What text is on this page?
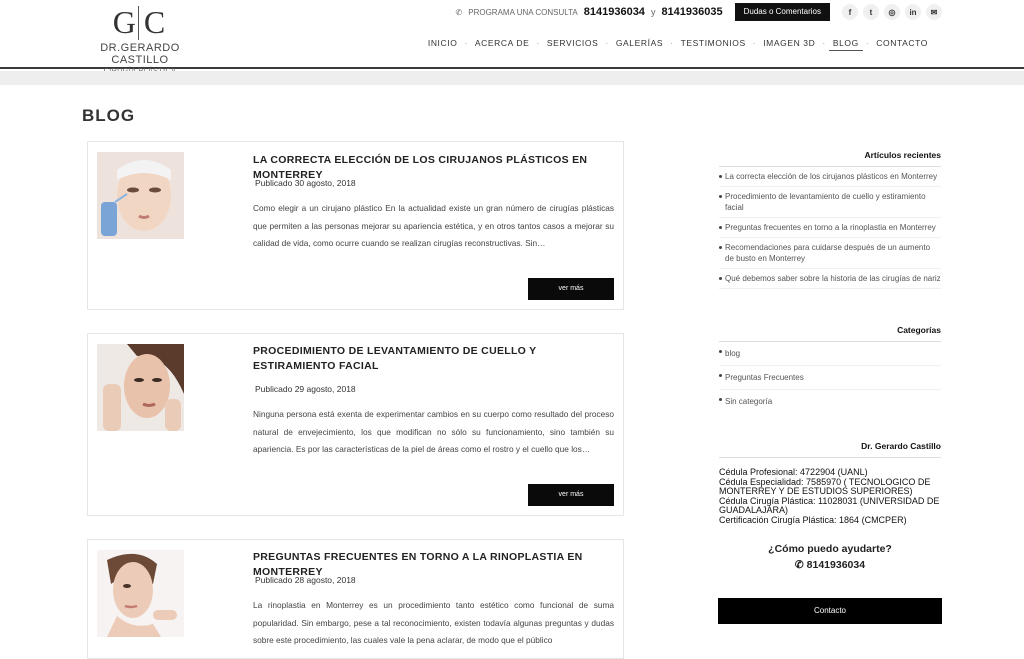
G C
DR.GERARDO CASTILLO
✆ PROGRAMA UNA CONSULTA 8141936034 y 8141936035	Dudas o Comentarios	f	t	◎	in	✉
INICIO · ACERCA DE · SERVICIOS · GALERÍAS · TESTIMONIOS · IMAGEN 3D · BLOG · CONTACTO
BLOG
LA CORRECTA ELECCIÓN DE LOS CIRUJANOS PLÁSTICOS EN MONTERREY
Publicado 30 agosto, 2018
Como elegir a un cirujano plástico En la actualidad existe un gran número de cirugías plásticas que permiten a las personas mejorar su apariencia estética, y en otros tantos casos a mejorar su calidad de vida, como ocurre cuando se realizan cirugías reconstructivas. Sin…
ver más
PROCEDIMIENTO DE LEVANTAMIENTO DE CUELLO Y ESTIRAMIENTO FACIAL
Publicado 29 agosto, 2018
Ninguna persona está exenta de experimentar cambios en su cuerpo como resultado del proceso natural de envejecimiento, los que modifican no sólo su funcionamiento, sino también su apariencia. Es por las características de la piel de áreas como el rostro y el cuello que los…
ver más
PREGUNTAS FRECUENTES EN TORNO A LA RINOPLASTIA EN MONTERREY
Publicado 28 agosto, 2018
La rinoplastia en Monterrey es un procedimiento tanto estético como funcional de suma popularidad. Sin embargo, pese a tal reconocimiento, existen todavía algunas preguntas y dudas sobre este procedimiento, las cuales vale la pena aclarar, de modo que el público
Artículos recientes
La correcta elección de los cirujanos plásticos en Monterrey
Procedimiento de levantamiento de cuello y estiramiento facial
Preguntas frecuentes en torno a la rinoplastia en Monterrey
Recomendaciones para cuidarse después de un aumento de busto en Monterrey
Qué debemos saber sobre la historia de las cirugías de nariz
Categorías
blog
Preguntas Frecuentes
Sin categoría
Dr. Gerardo Castillo
Cédula Profesional: 4722904 (UANL)
Cédula Especialidad: 7585970 ( TECNOLOGICO DE MONTERREY Y DE ESTUDIOS SUPERIORES)
Cédula Cirugía Plástica: 11028031 (UNIVERSIDAD DE GUADALAJARA)
Certificación Cirugía Plástica: 1864 (CMCPER)
¿Cómo puedo ayudarte?
✆ 8141936034
Contacto
